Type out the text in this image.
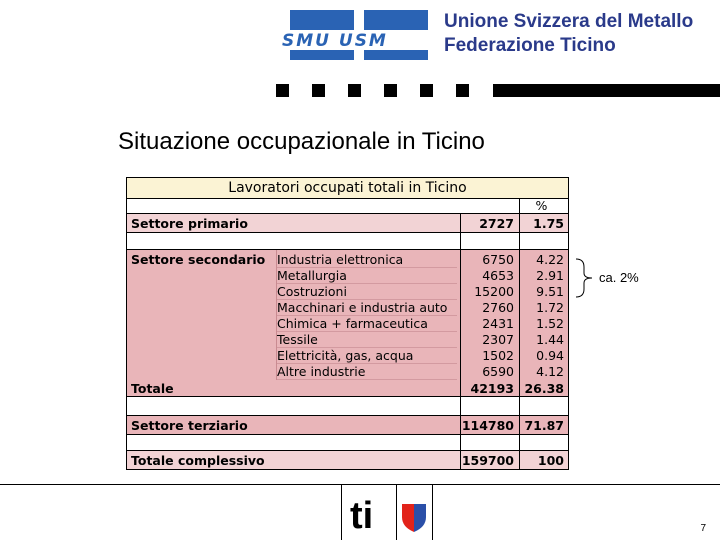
SMU USM
Unione Svizzera del Metallo
Federazione Ticino
Situazione occupazionale in Ticino
Lavoratori occupati totali in Ticino
%
Settore primario	2727	1.75
Settore secondario Industria elettronica	6750	4.22
Metallurgia	4653	2.91
Costruzioni	15200	9.51
Macchinari e industria auto	2760	1.72
Chimica + farmaceutica	2431	1.52
Tessile	2307	1.44
Elettricità, gas, acqua	1502	0.94
Altre industrie	6590	4.12
Totale	42193 26.38
Settore terziario	114780 71.87
Totale complessivo	159700	100
ca. 2%
ti	7
